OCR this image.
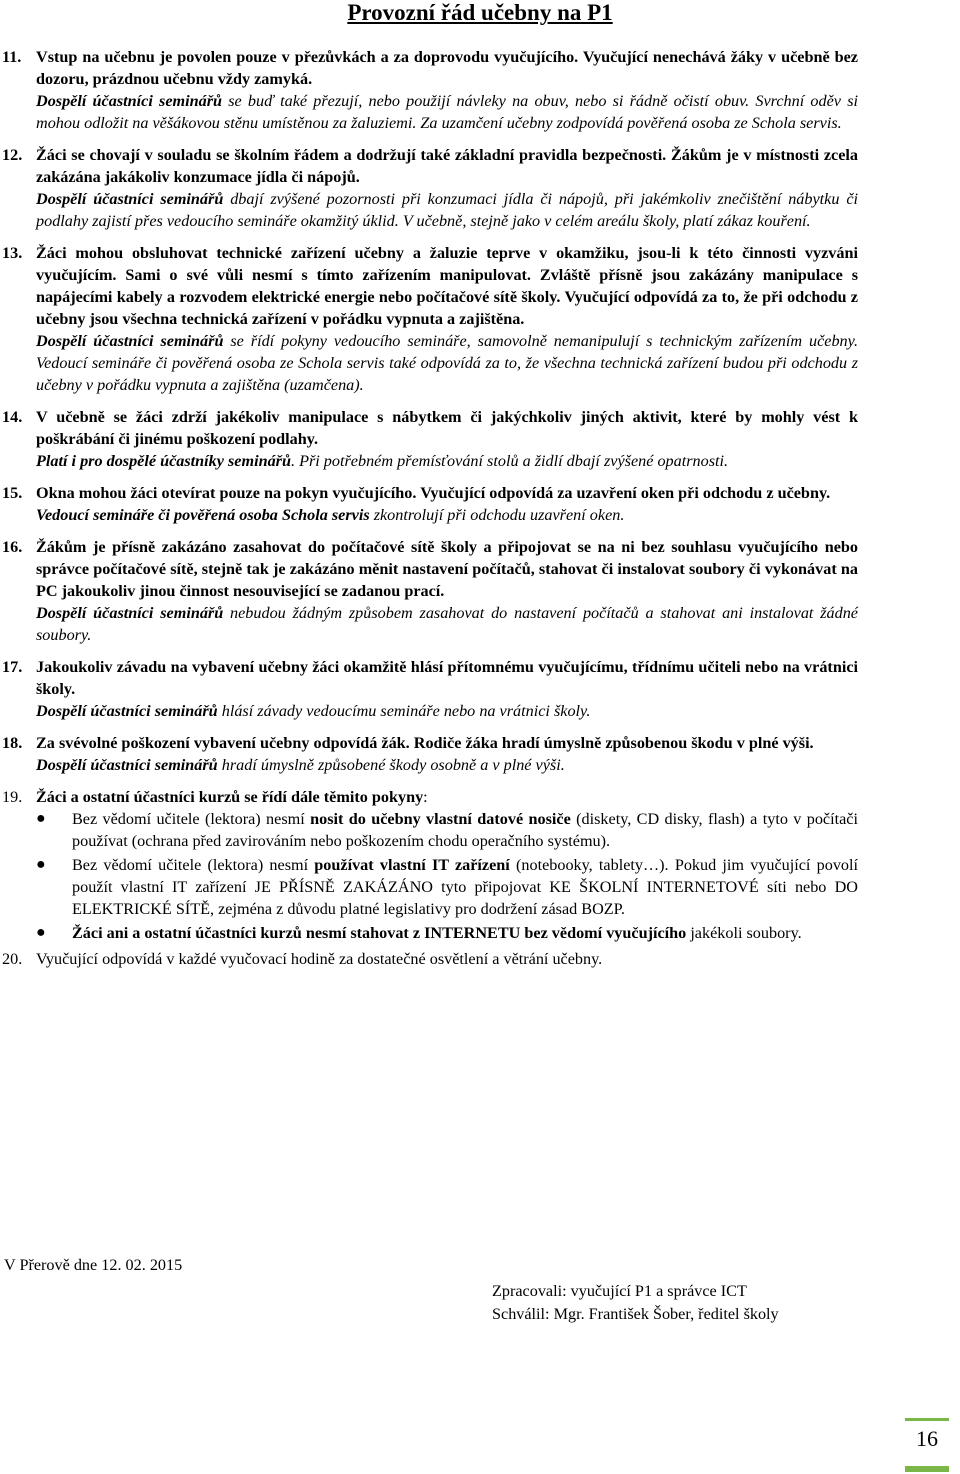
Provozní řád učebny na P1
11. Vstup na učebnu je povolen pouze v přezůvkách a za doprovodu vyučujícího. Vyučující nenechává žáky v učebně bez dozoru, prázdnou učebnu vždy zamyká.
Dospělí účastníci seminářů se buď také přezují, nebo použijí návleky na obuv, nebo si řádně očistí obuv. Svrchní oděv si mohou odložit na věšákovou stěnu umístěnou za žaluziemi. Za uzamčení učebny zodpovídá pověřená osoba ze Schola servis.
12. Žáci se chovají v souladu se školním řádem a dodržují také základní pravidla bezpečnosti. Žákům je v místnosti zcela zakázána jakákoliv konzumace jídla či nápojů.
Dospělí účastníci seminářů dbají zvýšené pozornosti při konzumaci jídla či nápojů, při jakémkoliv znečištění nábytku či podlahy zajistí přes vedoucího semináře okamžitý úklid. V učebně, stejně jako v celém areálu školy, platí zákaz kouření.
13. Žáci mohou obsluhovat technické zařízení učebny a žaluzie teprve v okamžiku, jsou-li k této činnosti vyzváni vyučujícím. Sami o své vůli nesmí s tímto zařízením manipulovat. Zvláště přísně jsou zakázány manipulace s napájecími kabely a rozvodem elektrické energie nebo počítačové sítě školy. Vyučující odpovídá za to, že při odchodu z učebny jsou všechna technická zařízení v pořádku vypnuta a zajištěna.
Dospělí účastníci seminářů se řídí pokyny vedoucího semináře, samovolně nemanipulují s technickým zařízením učebny. Vedoucí semináře či pověřená osoba ze Schola servis také odpovídá za to, že všechna technická zařízení budou při odchodu z učebny v pořádku vypnuta a zajištěna (uzamčena).
14. V učebně se žáci zdrží jakékoliv manipulace s nábytkem či jakýchkoliv jiných aktivit, které by mohly vést k poškrábání či jinému poškození podlahy.
Platí i pro dospělé účastníky seminářů. Při potřebném přemísťování stolů a židlí dbají zvýšené opatrnosti.
15. Okna mohou žáci otevírat pouze na pokyn vyučujícího. Vyučující odpovídá za uzavření oken při odchodu z učebny.
Vedoucí semináře či pověřená osoba Schola servis zkontrolují při odchodu uzavření oken.
16. Žákům je přísně zakázáno zasahovat do počítačové sítě školy a připojovat se na ni bez souhlasu vyučujícího nebo správce počítačové sítě, stejně tak je zakázáno měnit nastavení počítačů, stahovat či instalovat soubory či vykonávat na PC jakoukoliv jinou činnost nesouvisející se zadanou prací.
Dospělí účastníci seminářů nebudou žádným způsobem zasahovat do nastavení počítačů a stahovat ani instalovat žádné soubory.
17. Jakoukoliv závadu na vybavení učebny žáci okamžitě hlásí přítomnému vyučujícímu, třídnímu učiteli nebo na vrátnici školy.
Dospělí účastníci seminářů hlásí závady vedoucímu semináře nebo na vrátnici školy.
18. Za svévolné poškození vybavení učebny odpovídá žák. Rodiče žáka hradí úmyslně způsobenou škodu v plné výši.
Dospělí účastníci seminářů hradí úmyslně způsobené škody osobně a v plné výši.
19. Žáci a ostatní účastníci kurzů se řídí dále těmito pokyny:
● Bez vědomí učitele (lektora) nesmí nosit do učebny vlastní datové nosiče (diskety, CD disky, flash) a tyto v počítači používat (ochrana před zavirováním nebo poškozením chodu operačního systému).
● Bez vědomí učitele (lektora) nesmí používat vlastní IT zařízení (notebooky, tablety…). Pokud jim vyučující povolí použít vlastní IT zařízení JE PŘÍSNĚ ZAKÁZÁNO tyto připojovat KE ŠKOLNÍ INTERNETOVÉ síti nebo DO ELEKTRICKÉ SÍTĚ, zejména z důvodu platné legislativy pro dodržení zásad BOZP.
● Žáci ani a ostatní účastníci kurzů nesmí stahovat z INTERNETU bez vědomí vyučujícího jakékoli soubory.
20. Vyučující odpovídá v každé vyučovací hodině za dostatečné osvětlení a větrání učebny.
V Přerově dne 12. 02. 2015
Zpracovali: vyučující P1 a správce ICT
Schválil: Mgr. František Šober, ředitel školy
16
